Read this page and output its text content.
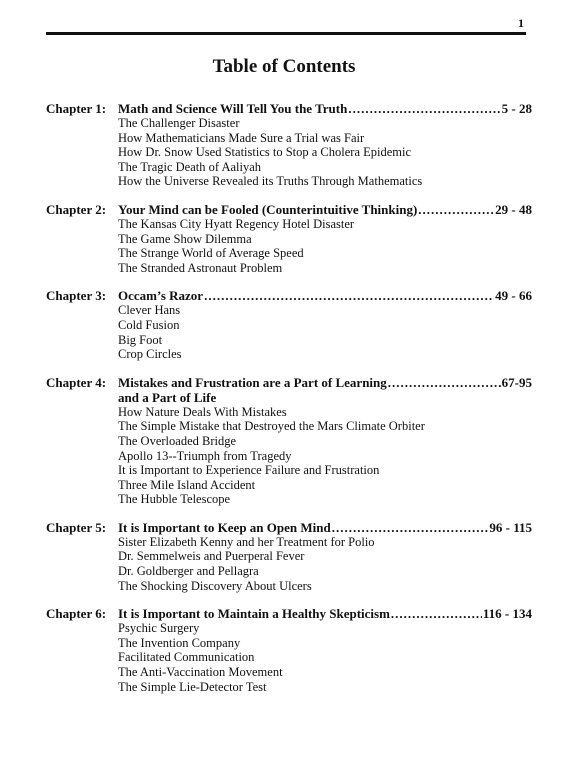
1
Table of Contents
Chapter 1: Math and Science Will Tell You the Truth .....	5 - 28
The Challenger Disaster
How Mathematicians Made Sure a Trial was Fair
How Dr. Snow Used Statistics to Stop a Cholera Epidemic
The Tragic Death of Aaliyah
How the Universe Revealed its Truths Through Mathematics
Chapter 2: Your Mind can be Fooled (Counterintuitive Thinking) .....	29 - 48
The Kansas City Hyatt Regency Hotel Disaster
The Game Show Dilemma
The Strange World of Average Speed
The Stranded Astronaut Problem
Chapter 3: Occam’s Razor .....	49 - 66
Clever Hans
Cold Fusion
Big Foot
Crop Circles
Chapter 4: Mistakes and Frustration are a Part of Learning .....	67-95
and a Part of Life
How Nature Deals With Mistakes
The Simple Mistake that Destroyed the Mars Climate Orbiter
The Overloaded Bridge
Apollo 13--Triumph from Tragedy
It is Important to Experience Failure and Frustration
Three Mile Island Accident
The Hubble Telescope
Chapter 5: It is Important to Keep an Open Mind .....	96 - 115
Sister Elizabeth Kenny and her Treatment for Polio
Dr. Semmelweis and Puerperal Fever
Dr. Goldberger and Pellagra
The Shocking Discovery About Ulcers
Chapter 6: It is Important to Maintain a Healthy Skepticism .....	116 - 134
Psychic Surgery
The Invention Company
Facilitated Communication
The Anti-Vaccination Movement
The Simple Lie-Detector Test
